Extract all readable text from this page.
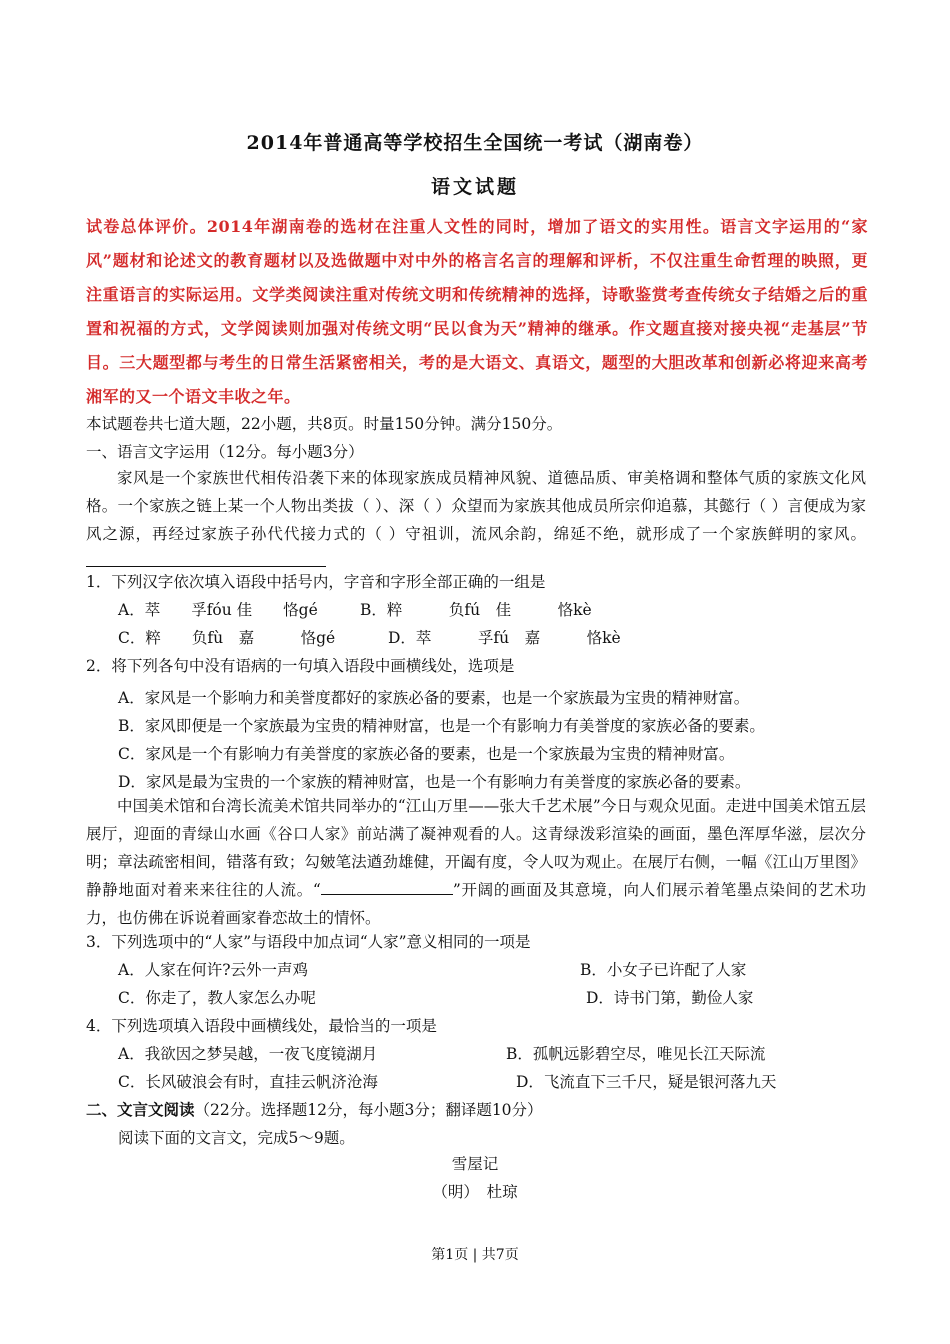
2014年普通高等学校招生全国统一考试（湖南卷）
语文试题

试卷总体评价。2014年湖南卷的选材在注重人文性的同时，增加了语文的实用性。语言文字运用的“家风”题材和论述文的教育题材以及选做题中对中外的格言名言的理解和评析，不仅注重生命哲理的映照，更注重语言的实际运用。文学类阅读注重对传统文明和传统精神的选择，诗歌鉴赏考查传统女子结婚之后的重置和祝福的方式，文学阅读则加强对传统文明“民以食为天”精神的继承。作文题直接对接央视“走基层”节目。三大题型都与考生的日常生活紧密相关，考的是大语文、真语文，题型的大胆改革和创新必将迎来高考湘军的又一个语文丰收之年。

本试题卷共七道大题，22小题，共8页。时量150分钟。满分150分。

一、语言文字运用（12分。每小题3分）

家风是一个家族世代相传沿袭下来的体现家族成员精神风貌、道德品质、审美格调和整体气质的家族文化风格。一个家族之链上某一个人物出类拔（ ）、深（ ）众望而为家族其他成员所宗仰追慕，其懿行（ ）言便成为家风之源，再经过家族子孙代代接力式的（ ）守祖训，流风余韵，绵延不绝，就形成了一个家族鲜明的家风。

1．下列汉字依次填入语段中括号内，字音和字形全部正确的一组是

A．萃　　孚fóu 佳　　恪gé	B．粹　　　负fú　佳　　　恪kè

C．粹　　负fù　嘉　　　恪gé	D．萃　　　孚fú　嘉　　　恪kè

2．将下列各句中没有语病的一句填入语段中画横线处，选项是

A．家风是一个影响力和美誉度都好的家族必备的要素，也是一个家族最为宝贵的精神财富。

B．家风即便是一个家族最为宝贵的精神财富，也是一个有影响力有美誉度的家族必备的要素。

C．家风是一个有影响力有美誉度的家族必备的要素，也是一个家族最为宝贵的精神财富。

D．家风是最为宝贵的一个家族的精神财富，也是一个有影响力有美誉度的家族必备的要素。

中国美术馆和台湾长流美术馆共同举办的“江山万里——张大千艺术展”今日与观众见面。走进中国美术馆五层展厅，迎面的青绿山水画《谷口人家》前站满了凝神观看的人。这青绿泼彩渲染的画面，墨色浑厚华滋，层次分明；章法疏密相间，错落有致；勾皴笔法遒劲雄健，开阖有度，令人叹为观止。在展厅右侧，一幅《江山万里图》静静地面对着来来往往的人流。“	”开阔的画面及其意境，向人们展示着笔墨点染间的艺术功力，也仿佛在诉说着画家眷恋故土的情怀。

3．下列选项中的“人家”与语段中加点词“人家”意义相同的一项是

A．人家在何许?云外一声鸡	B．小女子已许配了人家

C．你走了，教人家怎么办呢	D．诗书门第，勤俭人家

4．下列选项填入语段中画横线处，最恰当的一项是

A．我欲因之梦吴越，一夜飞度镜湖月	B．孤帆远影碧空尽，唯见长江天际流

C．长风破浪会有时，直挂云帆济沧海	D．飞流直下三千尺，疑是银河落九天

二、文言文阅读（22分。选择题12分，每小题3分；翻译题10分）

阅读下面的文言文，完成5～9题。

雪屋记

（明）　杜琼

第1页 | 共7页
